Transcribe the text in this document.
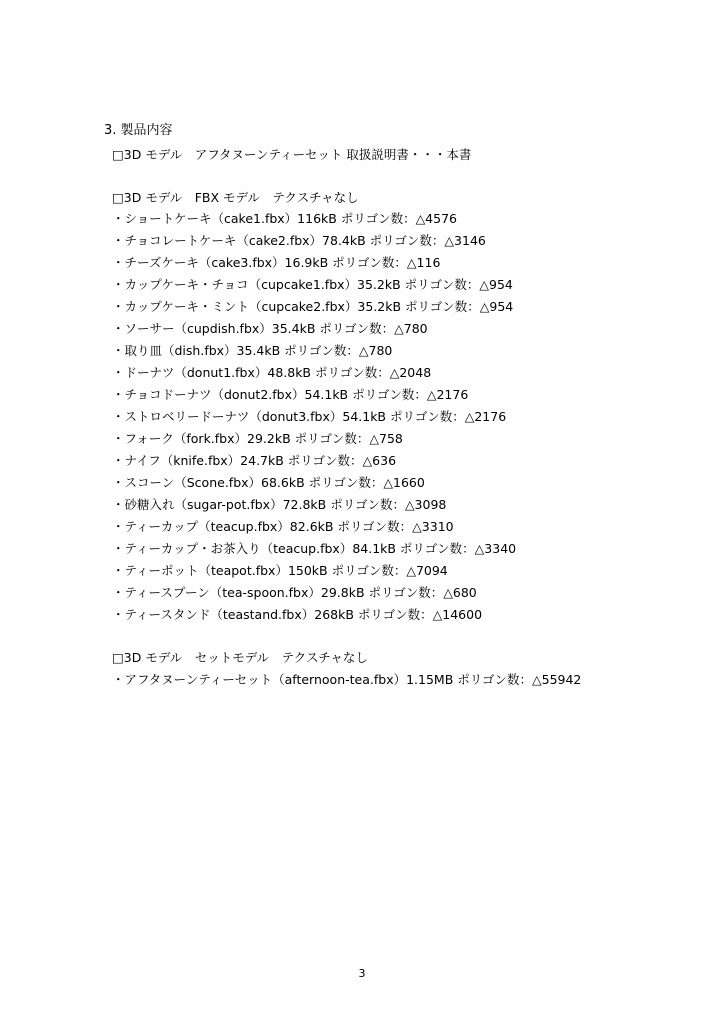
3. 製品内容
□3D モデル　アフタヌーンティーセット 取扱説明書・・・本書
□3D モデル　FBX モデル　テクスチャなし
・ショートケーキ（cake1.fbx）116kB ポリゴン数：△4576
・チョコレートケーキ（cake2.fbx）78.4kB ポリゴン数：△3146
・チーズケーキ（cake3.fbx）16.9kB ポリゴン数：△116
・カップケーキ・チョコ（cupcake1.fbx）35.2kB ポリゴン数：△954
・カップケーキ・ミント（cupcake2.fbx）35.2kB ポリゴン数：△954
・ソーサー（cupdish.fbx）35.4kB ポリゴン数：△780
・取り皿（dish.fbx）35.4kB ポリゴン数：△780
・ドーナツ（donut1.fbx）48.8kB ポリゴン数：△2048
・チョコドーナツ（donut2.fbx）54.1kB ポリゴン数：△2176
・ストロベリードーナツ（donut3.fbx）54.1kB ポリゴン数：△2176
・フォーク（fork.fbx）29.2kB ポリゴン数：△758
・ナイフ（knife.fbx）24.7kB ポリゴン数：△636
・スコーン（Scone.fbx）68.6kB ポリゴン数：△1660
・砂糖入れ（sugar-pot.fbx）72.8kB ポリゴン数：△3098
・ティーカップ（teacup.fbx）82.6kB ポリゴン数：△3310
・ティーカップ・お茶入り（teacup.fbx）84.1kB ポリゴン数：△3340
・ティーポット（teapot.fbx）150kB ポリゴン数：△7094
・ティースプーン（tea-spoon.fbx）29.8kB ポリゴン数：△680
・ティースタンド（teastand.fbx）268kB ポリゴン数：△14600
□3D モデル　セットモデル　テクスチャなし
・アフタヌーンティーセット（afternoon-tea.fbx）1.15MB ポリゴン数：△55942
3
